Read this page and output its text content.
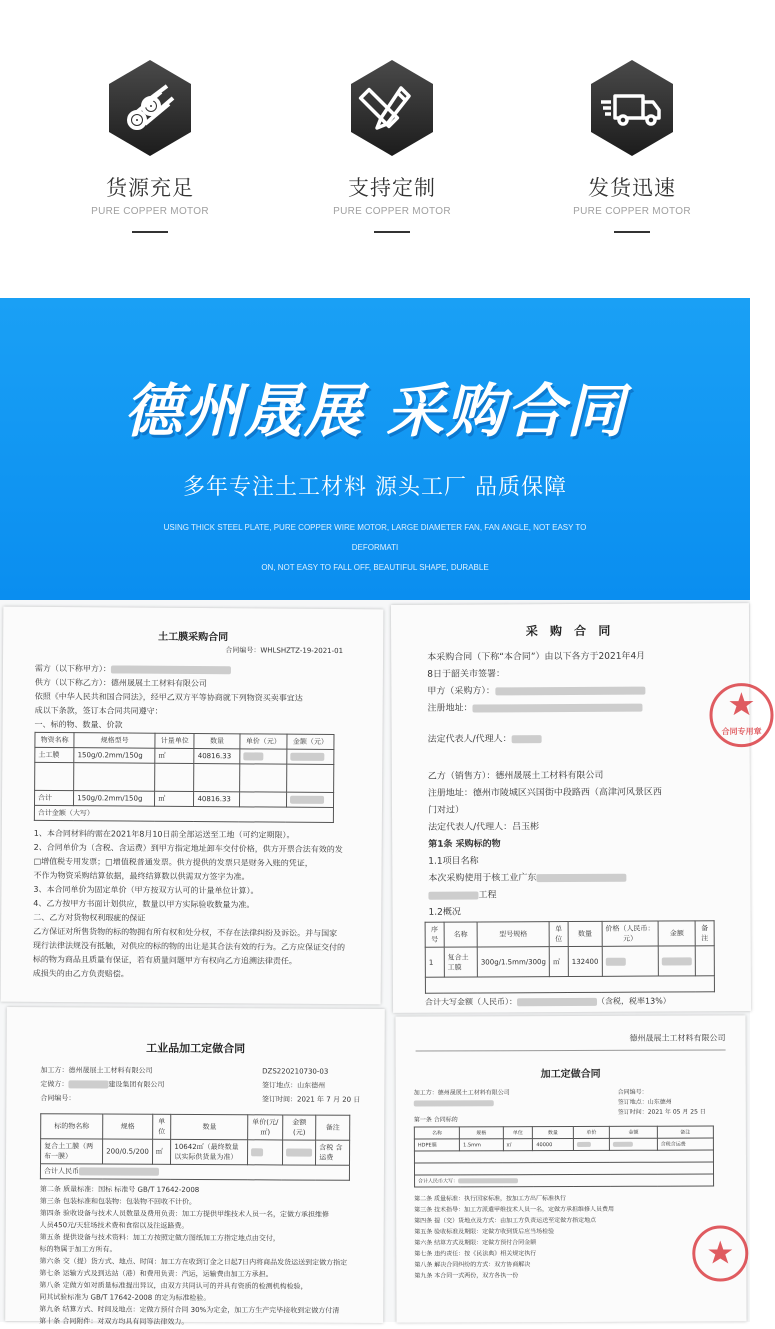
货源充足
PURE COPPER MOTOR
支持定制
PURE COPPER MOTOR
发货迅速
PURE COPPER MOTOR
德州晟展 采购合同
多年专注土工材料 源头工厂 品质保障
USING THICK STEEL PLATE, PURE COPPER WIRE MOTOR, LARGE DIAMETER FAN, FAN ANGLE, NOT EASY TO DEFORMATI
ON, NOT EASY TO FALL OFF, BEAUTIFUL SHAPE, DURABLE
土工膜采购合同
合同编号：WHLSHZTZ-19-2021-01
需方（以下称甲方）：
供方（以下称乙方）：德州晟展土工材料有限公司
依照《中华人民共和国合同法》，经甲乙双方平等协商就下列物资买卖事宜达
成以下条款，签订本合同共同遵守：
一、标的物、数量、价款
物资名称	规格型号	计量单位	数量	单价（元）	金额（元）
土工膜	150g/0.2mm/150g	㎡	40816.33		

合计	150g/0.2mm/150g	㎡	40816.33		
合计金额（大写）					
1、本合同材料的需在2021年8月10日前全部运送至工地（可约定期限）。
2、合同单价为（含税、含运费）到甲方指定地址卸车交付价格，供方开票合法有效的发
□增值税专用发票；□增值税普通发票。供方提供的发票只是财务入账的凭证，
不作为物资采购结算依据，最终结算数以供需双方签字为准。
3、本合同单价为固定单价（甲方按双方认可的计量单位计算）。
4、乙方按甲方书面计划供应，数量以甲方实际验收数量为准。
二、乙方对货物权利瑕疵的保证
乙方保证对所售货物的标的物拥有所有权和处分权，不存在法律纠纷及诉讼。并与国家
现行法律法规没有抵触，对供应的标的物的出让是其合法有效的行为。乙方应保证交付的
标的物为商品且质量有保证，若有质量问题甲方有权向乙方追溯法律责任。
成损失的由乙方负责赔偿。
采 购 合 同
本采购合同（下称“本合同”）由以下各方于2021年4月
8日于韶关市签署：
甲方（采购方）：
注册地址：
法定代表人/代理人：
乙方（销售方）：德州晟展土工材料有限公司
注册地址：德州市陵城区兴国街中段路西（高津河风景区西
门对过）
法定代表人/代理人：吕玉彬
第1条 采购标的物
1.1项目名称
本次采购使用于核工业广东
工程
1.2概况
序号	名称	型号规格	单位	数量	价格（人民币：元）	金额	备注
1	复合土工膜	300g/1.5mm/300g	㎡	132400			

合计大写金额（人民币）：	（含税，税率13%）
合同专用章
工业品加工定做合同
加工方：德州晟展土工材料有限公司
定做方：	建设集团有限公司
合同编号：
DZS220210730-03
签订地点：山东德州
签订时间：2021 年 7 月 20 日
标的物名称	规格	单位	数量	单价(元/㎡)	金额(元)	备注
复合土工膜（两布一膜）	200/0.5/200	㎡	10642㎡（最终数量以实际供货量为准）			含税 含运费
合计人民币						
第二条 质量标准：国标 标准号 GB/T 17642-2008
第三条 包装标准和包装物：包装物不回收不计价。
第四条 验收设备与技术人员数量及费用负责：加工方提供甲维技术人员一名，定做方承担维修
人员450元/天驻场技术费和食宿以及往返路费。
第五条 提供设备与技术资料：加工方按照定做方图纸加工方指定地点由交付，
标的物属于加工方所有。
第六条 交（提）货方式、地点、时间：加工方在收到订金之日起7日内将商品发货运送到定做方指定
第七条 运输方式及到达站（港）和费用负责：汽运，运输费由加工方承担。
第八条 定做方如对质量标准提出异议，由双方共同认可的并具有资质的检测机构检验，
同其试验标准为 GB/T 17642-2008 的定为标准检验。
第九条 结算方式、时间及地点：定做方预付合同 30%为定金，加工方生产完毕接收到定做方付清
第十条 合同附件：对双方均具有同等法律效力。
德州晟展土工材料有限公司
加工定做合同
加工方：德州晟展土工材料有限公司	合同编号：
签订地点：山东德州
签订时间：2021 年 05 月 25 日
第一条 合同标的
名称	规格	单位	数量	单价	金额	备注
HDPE膜	1.5mm	㎡	40000			含税含运费

合计人民币大写：						
第二条 质量标准：执行国家标准，按加工方出厂标准执行
第三条 技术指导：加工方派遣甲维技术人员一名，定做方承担维修人员费用
第四条 提（交）货地点及方式：由加工方负责运送至定做方指定地点
第五条 验收标准及期限：定做方收到货后应当场检验
第六条 结算方式及期限：定做方预付合同金额
第七条 违约责任：按《民法典》相关规定执行
第八条 解决合同纠纷的方式：双方协商解决
第九条 本合同一式两份，双方各执一份
